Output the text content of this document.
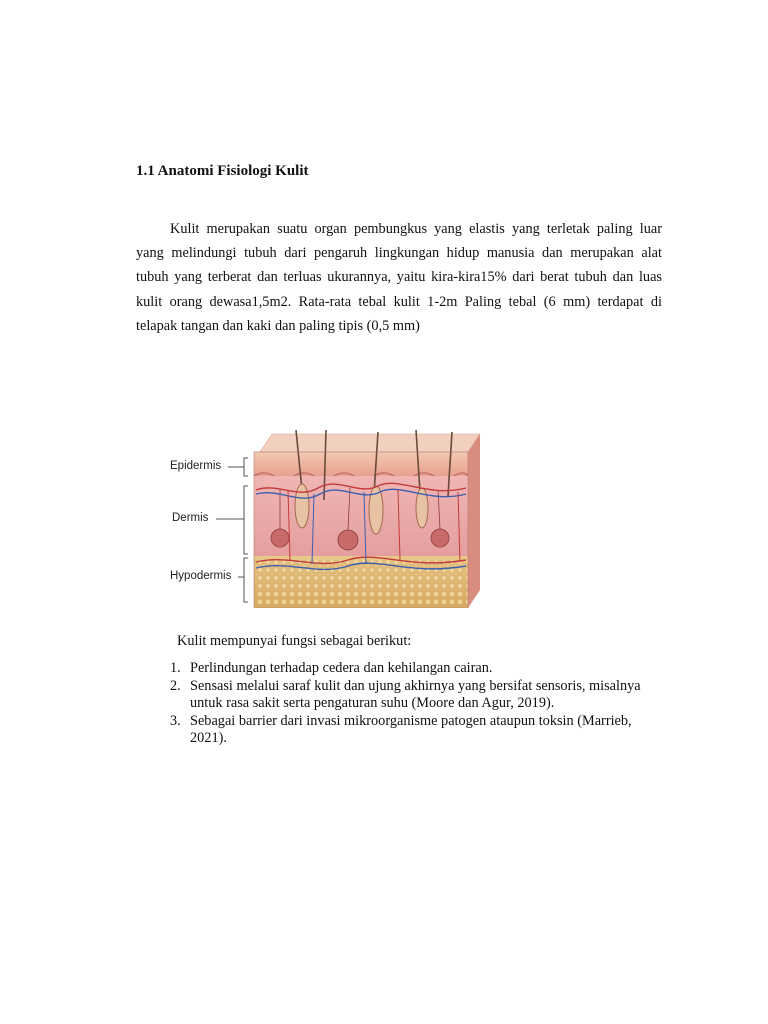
1.1 Anatomi Fisiologi Kulit
Kulit merupakan suatu organ pembungkus yang elastis yang terletak paling luar
yang melindungi tubuh dari pengaruh lingkungan hidup manusia dan merupakan alat
tubuh yang terberat dan terluas ukurannya, yaitu kira-kira15% dari berat tubuh dan luas
kulit orang dewasa1,5m2. Rata-rata tebal kulit 1-2m Paling tebal (6 mm) terdapat di
telapak tangan dan kaki dan paling tipis (0,5 mm)
Epidermis
Dermis
Hypodermis

Kulit mempunyai fungsi sebagai berikut:

1. Perlindungan terhadap cedera dan kehilangan cairan.
2. Sensasi melalui saraf kulit dan ujung akhirnya yang bersifat sensoris, misalnya untuk rasa sakit serta pengaturan suhu (Moore dan Agur, 2019).
3. Sebagai barrier dari invasi mikroorganisme patogen ataupun toksin (Marrieb, 2021).
